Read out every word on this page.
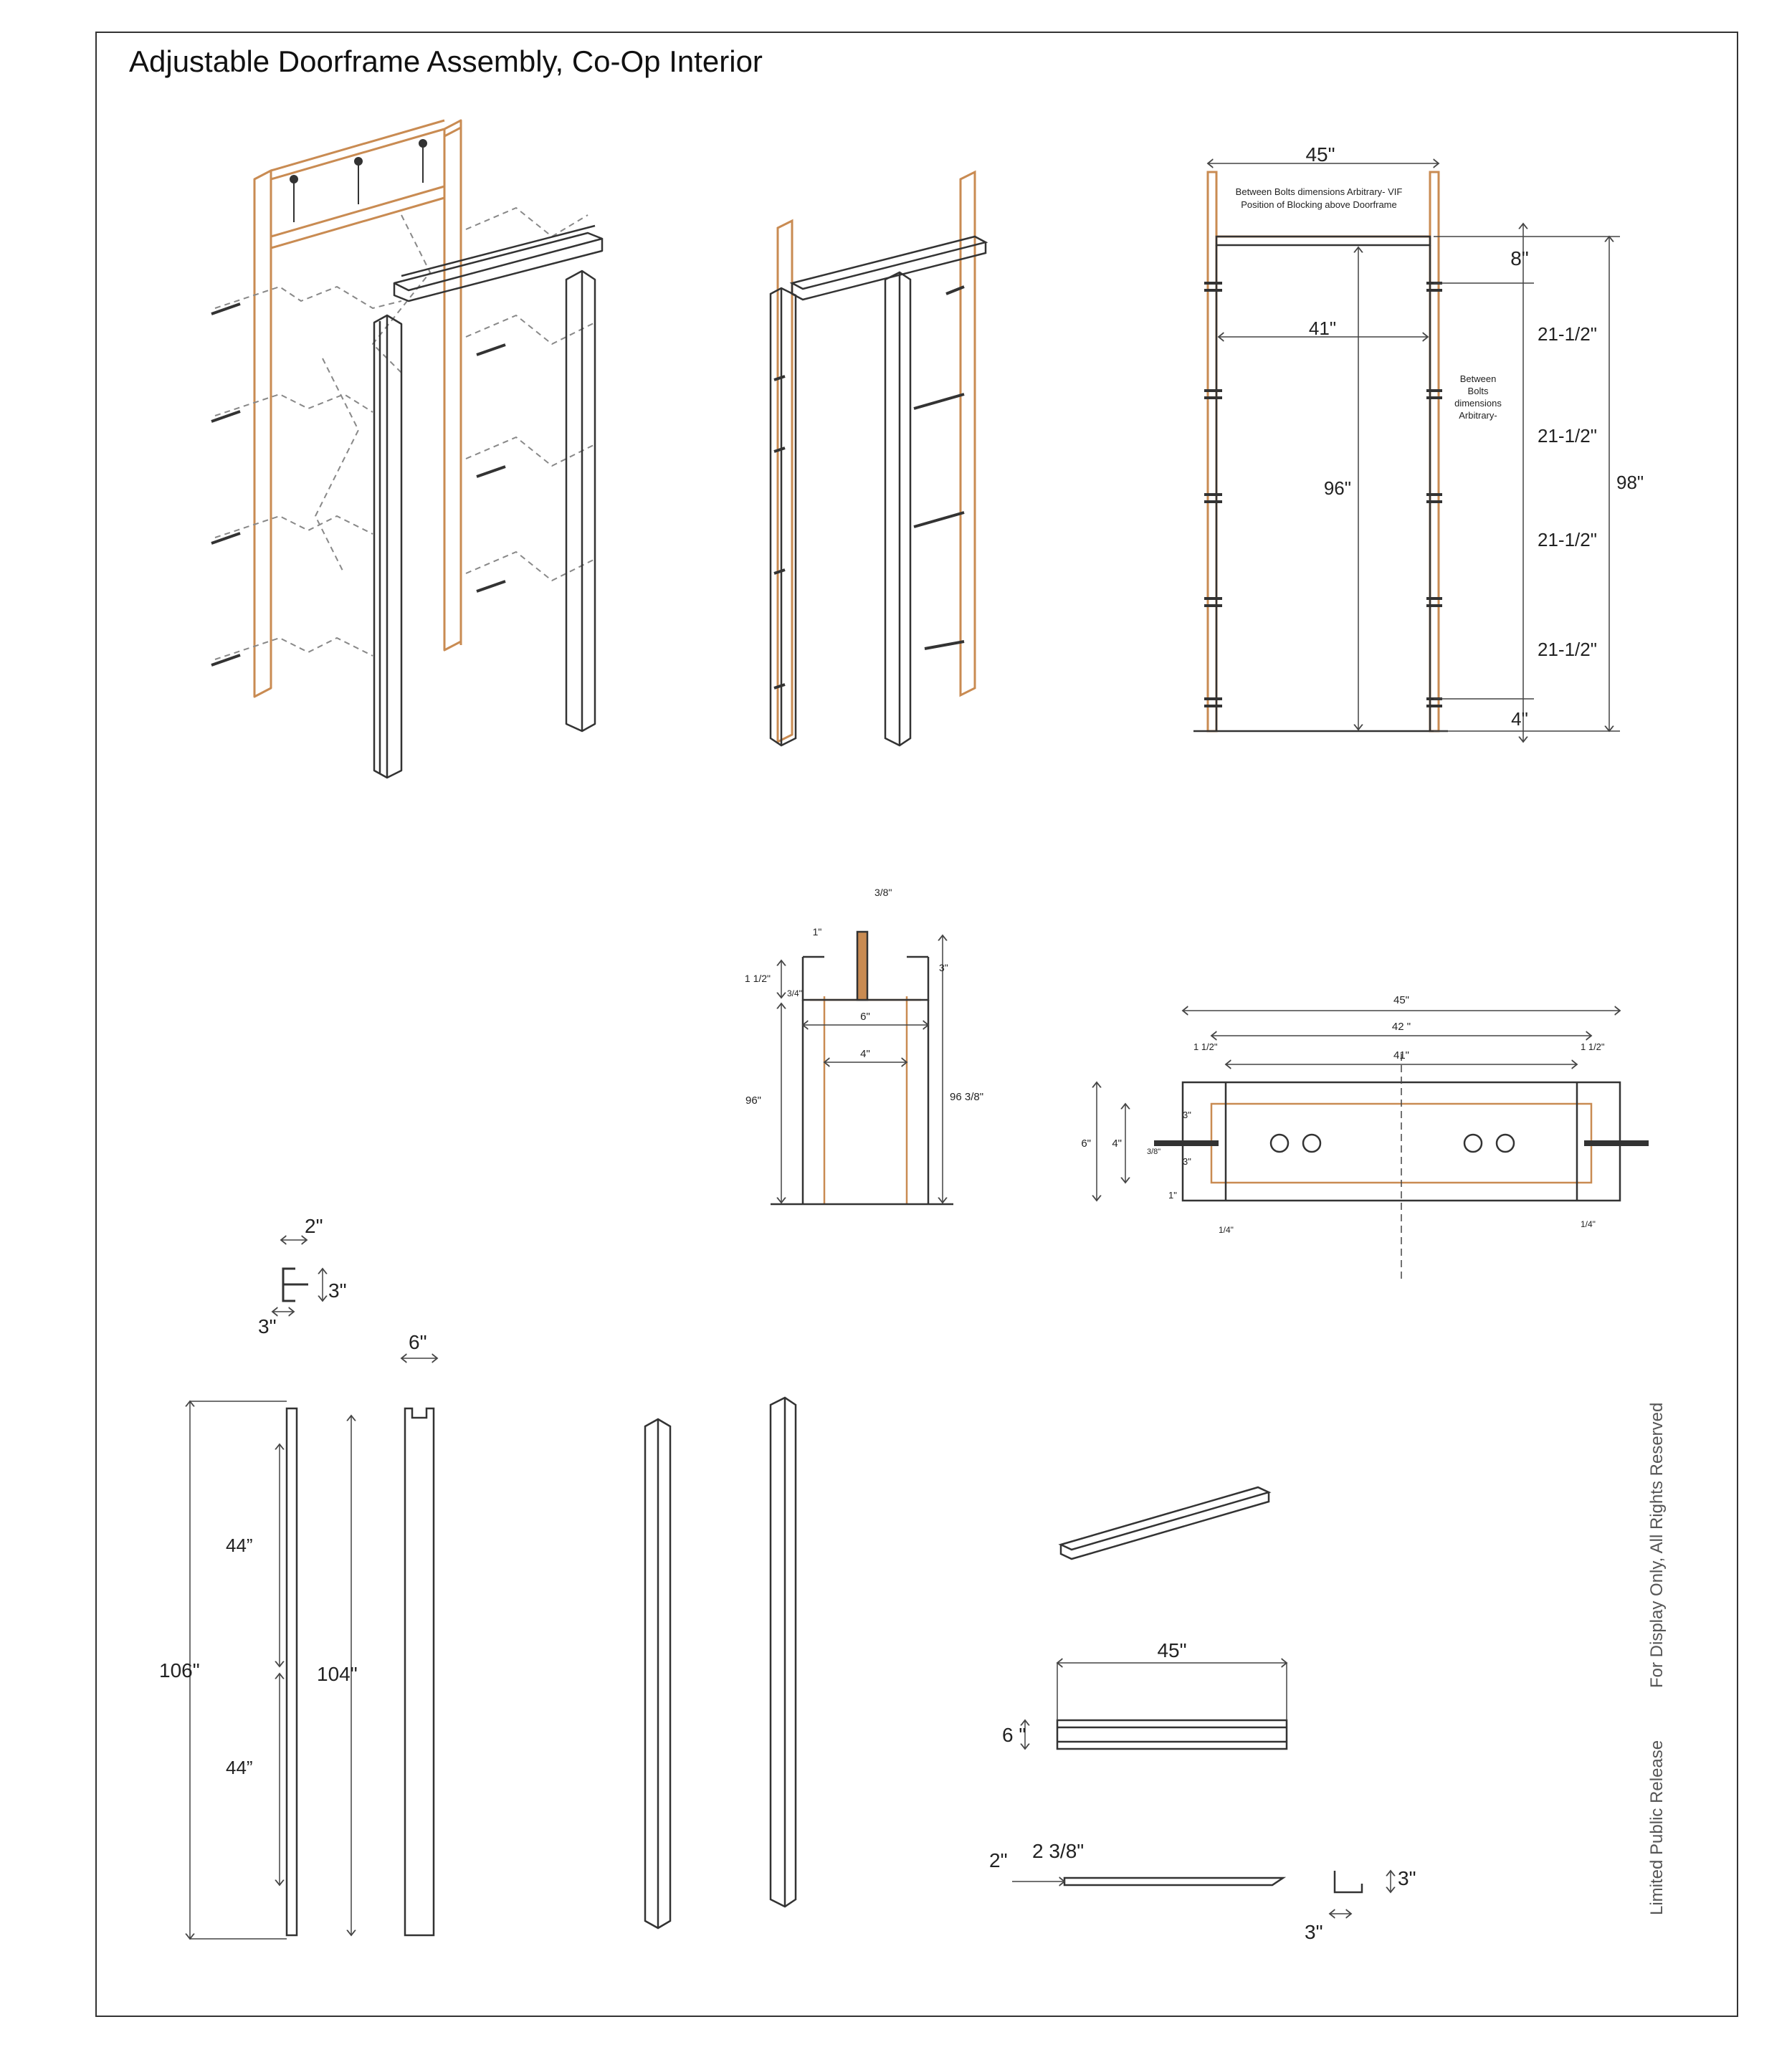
Adjustable Doorframe Assembly, Co-Op Interior
For Display Only, All Rights Reserved
Limited Public Release
45"
Between Bolts dimensions Arbitrary- VIF
Position of Blocking above Doorframe
8"
41"	21-1/2"
21-1/2"
21-1/2"
21-1/2"
4"
96"	98"
Between
Bolts
dimensions
Arbitrary-
3/8"
1"
3"
1 1/2"
3/4"
6"
4"
96"	96 3/8"
45"
42 "
41"
1 1/2"	1 1/2"
6" 4"
3"
3"
3/8"
1"
1/4"
1/4"
2"
3"
3"
6"
106"	104"
44”
44”
45"
6 "
2" 2 3/8"
3"
3"
